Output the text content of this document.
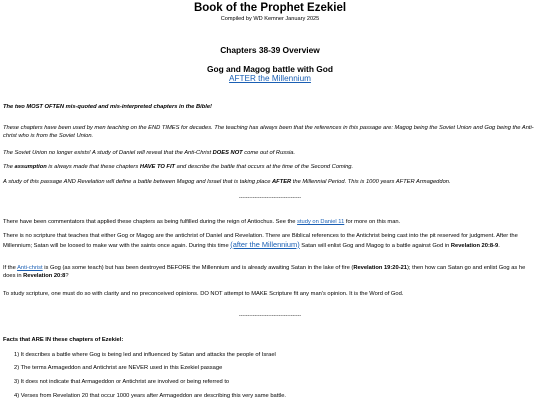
Book of the Prophet Ezekiel
Compiled by WD Kemner January 2025
Chapters 38-39 Overview
Gog and Magog battle with God
AFTER the Millennium
The two MOST OFTEN mis-quoted and mis-interpreted chapters in the Bible!
These chapters have been used by men teaching on the END TIMES for decades. The teaching has always been that the references in this passage are: Magog being the Soviet Union and Gog being the Anti-christ who is from the Soviet Union.
The Soviet Union no longer exists! A study of Daniel will reveal that the Anti-Christ DOES NOT come out of Russia.
The assumption is always made that these chapters HAVE TO FIT and describe the battle that occurs at the time of the Second Coming.
A study of this passage AND Revelation will define a battle between Magog and Israel that is taking place AFTER the Millennial Period. This is 1000 years AFTER Armageddon.
------------------------------------
There have been commentators that applied these chapters as being fulfilled during the reign of Antiochus. See the study on Daniel 11 for more on this man.
There is no scripture that teaches that either Gog or Magog are the antichrist of Daniel and Revelation. There are Biblical references to the Antichrist being cast into the pit reserved for judgment. After the Millennium; Satan will be loosed to make war with the saints once again. During this time (after the Millennium) Satan will enlist Gog and Magog to a battle against God in Revelation 20:8-9.
If the Anti-christ is Gog (as some teach) but has been destroyed BEFORE the Millennium and is already awaiting Satan in the lake of fire (Revelation 19:20-21); then how can Satan go and enlist Gog as he does in Revelation 20:8?
To study scripture, one must do so with clarity and no preconceived opinions. DO NOT attempt to MAKE Scripture fit any man's opinion. It is the Word of God.
------------------------------------
Facts that ARE IN these chapters of Ezekiel:
1) It describes a battle where Gog is being led and influenced by Satan and attacks the people of Israel
2) The terms Armageddon and Antichrist are NEVER used in this Ezekiel passage
3) It does not indicate that Armageddon or Antichrist are involved or being referred to
4) Verses from Revelation 20 that occur 1000 years after Armageddon are describing this very same battle.
